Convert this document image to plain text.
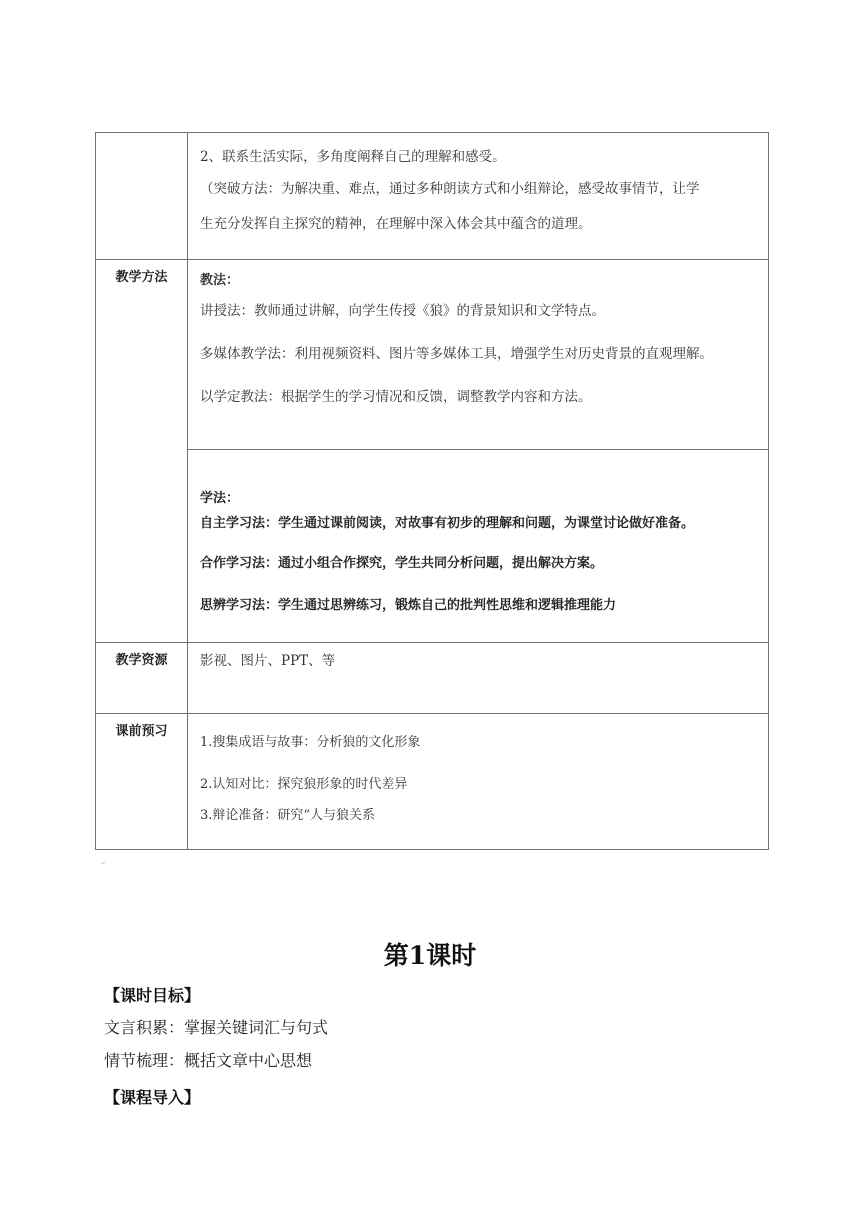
	2、联系生活实际，多角度阐释自己的理解和感受。

（突破方法：为解决重、难点，通过多种朗读方式和小组辩论，感受故事情节，让学

生充分发挥自主探究的精神，在理解中深入体会其中蕴含的道理。

教学方法	教法：

讲授法：教师通过讲解，向学生传授《狼》的背景知识和文学特点。

多媒体教学法：利用视频资料、图片等多媒体工具，增强学生对历史背景的直观理解。

以学定教法：根据学生的学习情况和反馈，调整教学内容和方法。

	学法：

自主学习法：学生通过课前阅读，对故事有初步的理解和问题，为课堂讨论做好准备。

合作学习法：通过小组合作探究，学生共同分析问题，提出解决方案。

思辨学习法：学生通过思辨练习，锻炼自己的批判性思维和逻辑推理能力

教学资源	影视、图片、PPT、等

课前预习	1.搜集成语与故事：分析狼的文化形象

2.认知对比：探究狼形象的时代差异

3.辩论准备：研究“人与狼关系

↵
第1课时

【课时目标】

文言积累：掌握关键词汇与句式

情节梳理：概括文章中心思想

【课程导入】
